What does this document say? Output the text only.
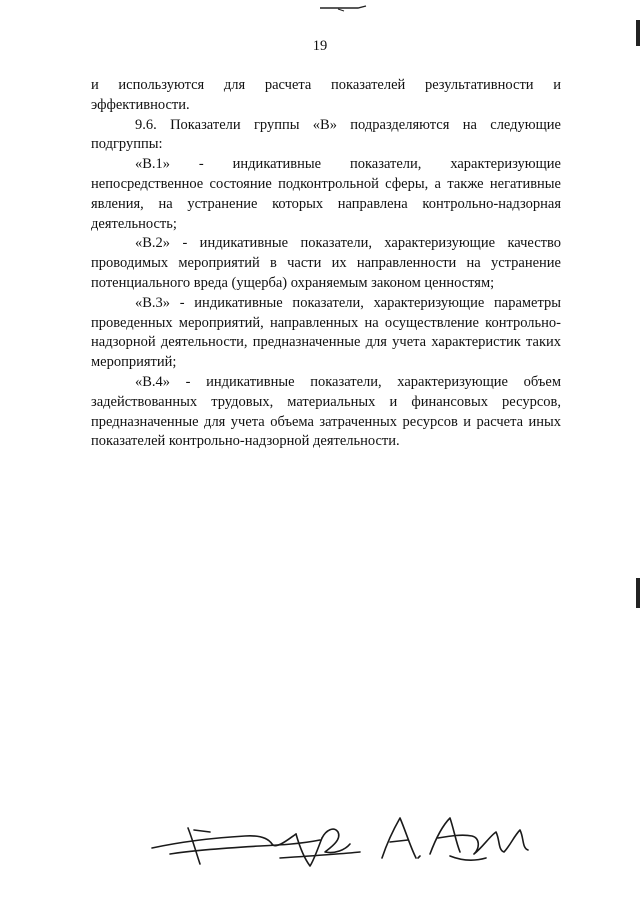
19

и используются для расчета показателей результативности и эффективности.

9.6. Показатели группы «В» подразделяются на следующие подгруппы:

«В.1» - индикативные показатели, характеризующие непосредственное состояние подконтрольной сферы, а также негативные явления, на устранение которых направлена контрольно-надзорная деятельность;

«В.2» - индикативные показатели, характеризующие качество проводимых мероприятий в части их направленности на устранение потенциального вреда (ущерба) охраняемым законом ценностям;

«В.3» - индикативные показатели, характеризующие параметры проведенных мероприятий, направленных на осуществление контрольно-надзорной деятельности, предназначенные для учета характеристик таких мероприятий;

«В.4» - индикативные показатели, характеризующие объем задействованных трудовых, материальных и финансовых ресурсов, предназначенные для учета объема затраченных ресурсов и расчета иных показателей контрольно-надзорной деятельности.
